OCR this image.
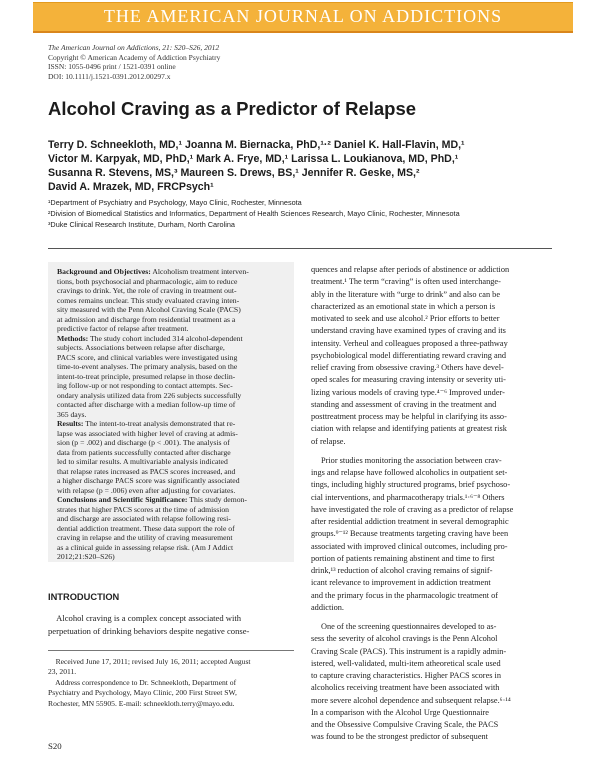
THE AMERICAN JOURNAL ON ADDICTIONS
The American Journal on Addictions, 21: S20–S26, 2012
Copyright © American Academy of Addiction Psychiatry
ISSN: 1055-0496 print / 1521-0391 online
DOI: 10.1111/j.1521-0391.2012.00297.x
Alcohol Craving as a Predictor of Relapse
Terry D. Schneekloth, MD,¹ Joanna M. Biernacka, PhD,¹·² Daniel K. Hall-Flavin, MD,¹
Victor M. Karpyak, MD, PhD,¹ Mark A. Frye, MD,¹ Larissa L. Loukianova, MD, PhD,¹
Susanna R. Stevens, MS,³ Maureen S. Drews, BS,¹ Jennifer R. Geske, MS,²
David A. Mrazek, MD, FRCPsych¹
¹Department of Psychiatry and Psychology, Mayo Clinic, Rochester, Minnesota
²Division of Biomedical Statistics and Informatics, Department of Health Sciences Research, Mayo Clinic, Rochester, Minnesota
³Duke Clinical Research Institute, Durham, North Carolina
Background and Objectives: Alcoholism treatment interven-
tions, both psychosocial and pharmacologic, aim to reduce
cravings to drink. Yet, the role of craving in treatment out-
comes remains unclear. This study evaluated craving inten-
sity measured with the Penn Alcohol Craving Scale (PACS)
at admission and discharge from residential treatment as a
predictive factor of relapse after treatment.
Methods: The study cohort included 314 alcohol-dependent
subjects. Associations between relapse after discharge,
PACS score, and clinical variables were investigated using
time-to-event analyses. The primary analysis, based on the
intent-to-treat principle, presumed relapse in those declin-
ing follow-up or not responding to contact attempts. Sec-
ondary analysis utilized data from 226 subjects successfully
contacted after discharge with a median follow-up time of
365 days.
Results: The intent-to-treat analysis demonstrated that re-
lapse was associated with higher level of craving at admis-
sion (p = .002) and discharge (p < .001). The analysis of
data from patients successfully contacted after discharge
led to similar results. A multivariable analysis indicated
that relapse rates increased as PACS scores increased, and
a higher discharge PACS score was significantly associated
with relapse (p = .006) even after adjusting for covariates.
Conclusions and Scientific Significance: This study demon-
strates that higher PACS scores at the time of admission
and discharge are associated with relapse following resi-
dential addiction treatment. These data support the role of
craving in relapse and the utility of craving measurement
as a clinical guide in assessing relapse risk. (Am J Addict
2012;21:S20–S26)
INTRODUCTION
Alcohol craving is a complex concept associated with
perpetuation of drinking behaviors despite negative conse-
Received June 17, 2011; revised July 16, 2011; accepted August
23, 2011.
Address correspondence to Dr. Schneekloth, Department of
Psychiatry and Psychology, Mayo Clinic, 200 First Street SW,
Rochester, MN 55905. E-mail: schneekloth.terry@mayo.edu.
S20
quences and relapse after periods of abstinence or addiction
treatment.¹ The term “craving” is often used interchange-
ably in the literature with “urge to drink” and also can be
characterized as an emotional state in which a person is
motivated to seek and use alcohol.² Prior efforts to better
understand craving have examined types of craving and its
intensity. Verheul and colleagues proposed a three-pathway
psychobiological model differentiating reward craving and
relief craving from obsessive craving.³ Others have devel-
oped scales for measuring craving intensity or severity uti-
lizing various models of craving type.⁴⁻⁶ Improved under-
standing and assessment of craving in the treatment and
posttreatment process may be helpful in clarifying its asso-
ciation with relapse and identifying patients at greatest risk
of relapse.
Prior studies monitoring the association between crav-
ings and relapse have followed alcoholics in outpatient set-
tings, including highly structured programs, brief psychoso-
cial interventions, and pharmacotherapy trials.¹·⁶⁻⁸ Others
have investigated the role of craving as a predictor of relapse
after residential addiction treatment in several demographic
groups.⁹⁻¹² Because treatments targeting craving have been
associated with improved clinical outcomes, including pro-
portion of patients remaining abstinent and time to first
drink,¹³ reduction of alcohol craving remains of signif-
icant relevance to improvement in addiction treatment
and the primary focus in the pharmacologic treatment of
addiction.
One of the screening questionnaires developed to as-
sess the severity of alcohol cravings is the Penn Alcohol
Craving Scale (PACS). This instrument is a rapidly admin-
istered, well-validated, multi-item atheoretical scale used
to capture craving characteristics. Higher PACS scores in
alcoholics receiving treatment have been associated with
more severe alcohol dependence and subsequent relapse.⁶·¹⁴
In a comparison with the Alcohol Urge Questionnaire
and the Obsessive Compulsive Craving Scale, the PACS
was found to be the strongest predictor of subsequent
